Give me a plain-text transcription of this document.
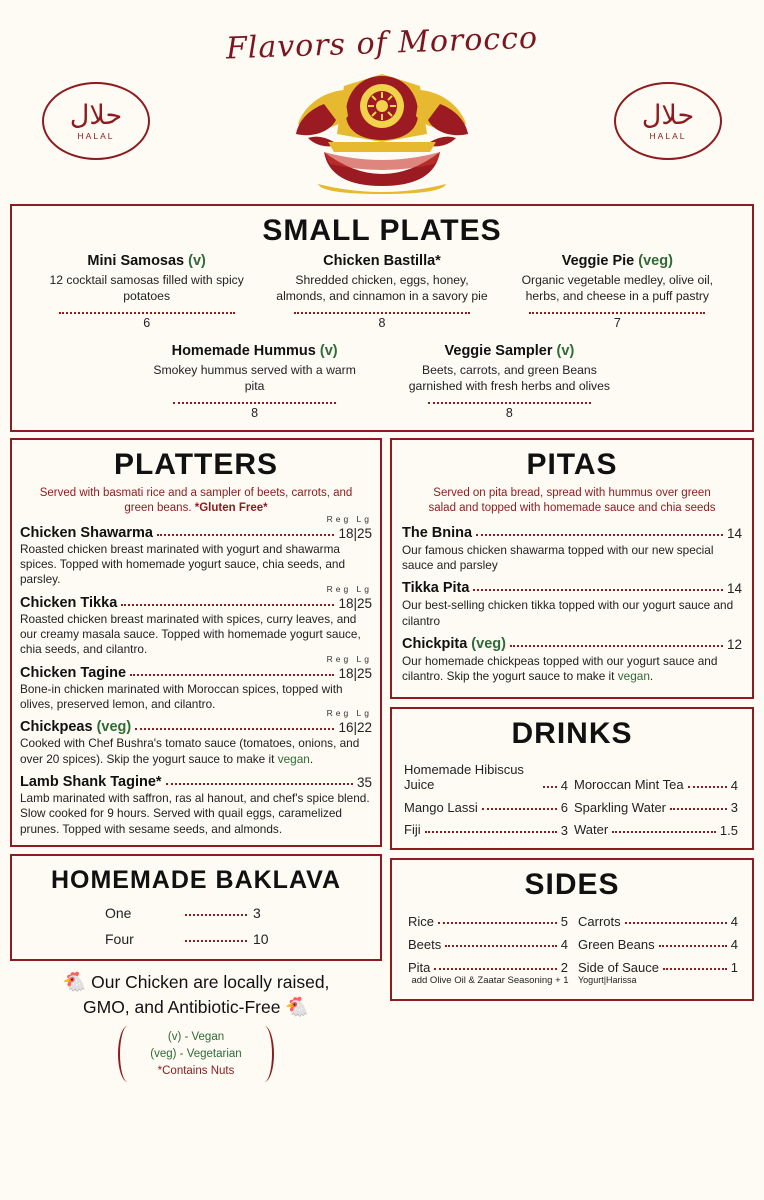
Flavors of Morocco
حلال
HALAL
حلال
HALAL
SMALL PLATES
Mini Samosas (v)
12 cocktail samosas filled with spicy potatoes
6
Chicken Bastilla*
Shredded chicken, eggs, honey, almonds, and cinnamon in a savory pie
8
Veggie Pie (veg)
Organic vegetable medley, olive oil, herbs, and cheese in a puff pastry
7
Homemade Hummus (v)
Smokey hummus served with a warm pita
8
Veggie Sampler (v)
Beets, carrots, and green Beans garnished with fresh herbs and olives
8
PLATTERS
Served with basmati rice and a sampler of beets, carrots, and green beans. *Gluten Free*
Chicken Shawarma
Reg Lg
18|25
Roasted chicken breast marinated with yogurt and shawarma spices. Topped with homemade yogurt sauce, chia seeds, and parsley.
Chicken Tikka
Reg Lg
18|25
Roasted chicken breast marinated with spices, curry leaves, and our creamy masala sauce. Topped with homemade yogurt sauce, chia seeds, and cilantro.
Chicken Tagine
Reg Lg
18|25
Bone-in chicken marinated with Moroccan spices, topped with olives, preserved lemon, and cilantro.
Chickpeas (veg)
Reg Lg
16|22
Cooked with Chef Bushra's tomato sauce (tomatoes, onions, and over 20 spices). Skip the yogurt sauce to make it vegan.
Lamb Shank Tagine*	35
Lamb marinated with saffron, ras al hanout, and chef's spice blend. Slow cooked for 9 hours. Served with quail eggs, caramelized prunes. Topped with sesame seeds, and almonds.
HOMEMADE BAKLAVA
One	3
Four	10
🐔 Our Chicken are locally raised,
GMO, and Antibiotic-Free 🐔
(v) - Vegan
(veg) - Vegetarian
*Contains Nuts
PITAS
Served on pita bread, spread with hummus over green salad and topped with homemade sauce and chia seeds
The Bnina	14
Our famous chicken shawarma topped with our new special sauce and parsley
Tikka Pita	14
Our best-selling chicken tikka topped with our yogurt sauce and cilantro
Chickpita (veg)	12
Our homemade chickpeas topped with our yogurt sauce and cilantro. Skip the yogurt sauce to make it vegan.
DRINKS
Homemade Hibiscus Juice	4 Moroccan Mint Tea	4
Mango Lassi	6 Sparkling Water	3
Fiji	3 Water	1.5
SIDES
Rice	5 Carrots	4
Beets	4 Green Beans	4
Pita	2 Side of Sauce	1
add Olive Oil & Zaatar Seasoning + 1	Yogurt|Harissa
